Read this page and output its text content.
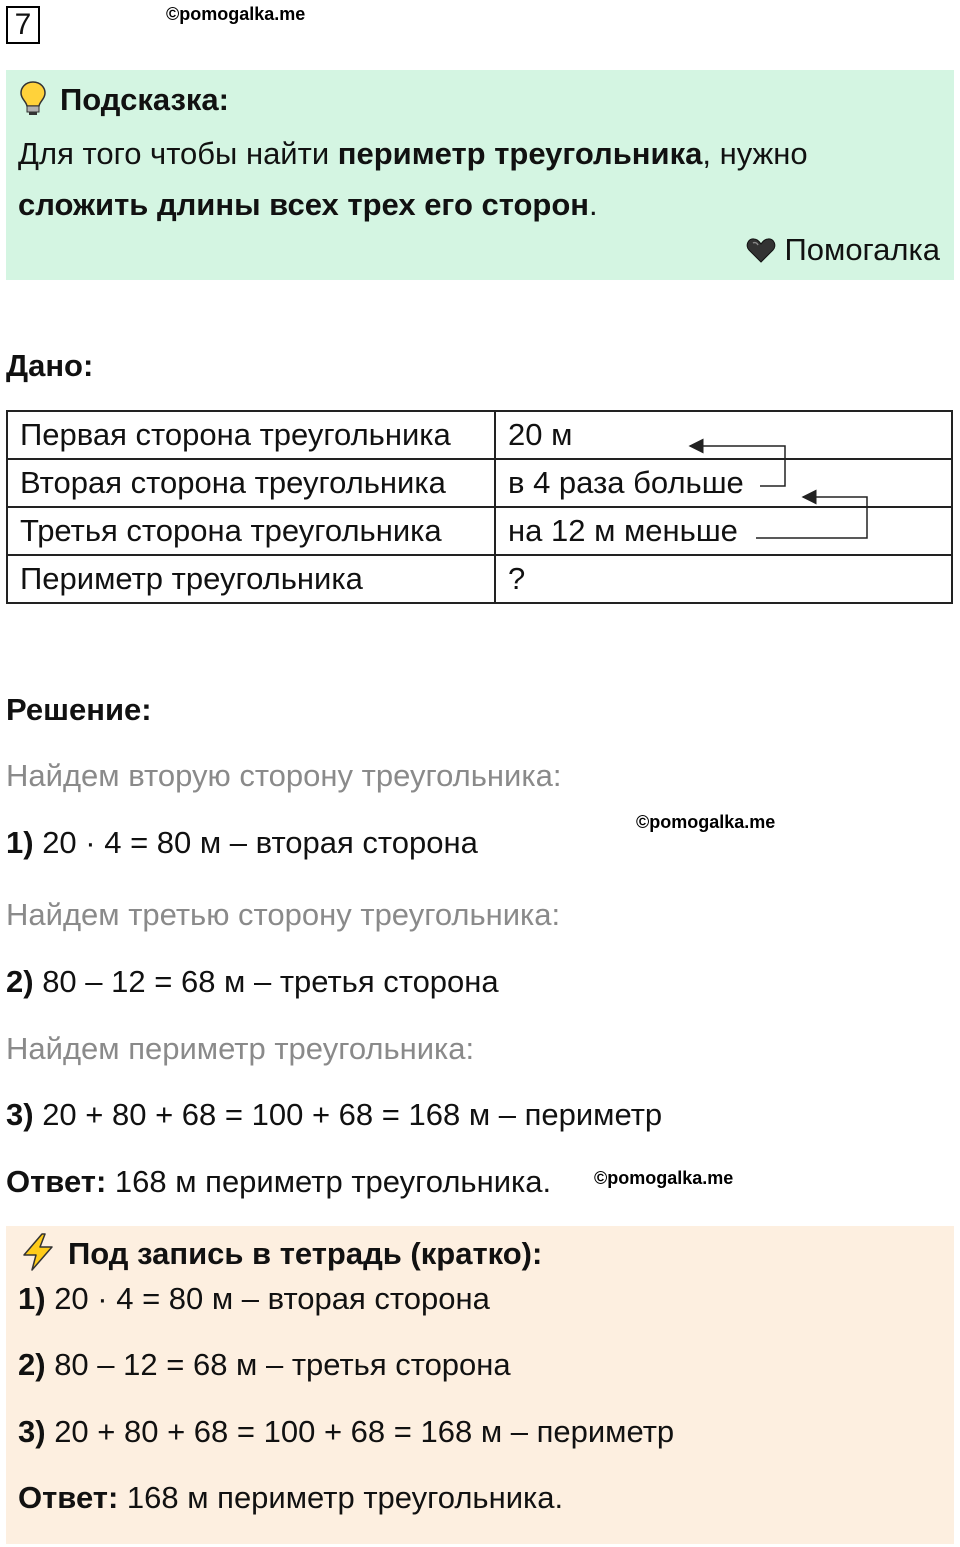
7	©pomogalka.me
Подсказка:
Для того чтобы найти периметр треугольника, нужно
сложить длины всех трех его сторон.
Помогалка
Дано:
Первая сторона треугольника	20 м
Вторая сторона треугольника	в 4 раза больше
Третья сторона треугольника	на 12 м меньше
Периметр треугольника	?
Решение:
Найдем вторую сторону треугольника:
1) 20 · 4 = 80 м – вторая сторона
©pomogalka.me
Найдем третью сторону треугольника:
2) 80 – 12 = 68 м – третья сторона
Найдем периметр треугольника:
3) 20 + 80 + 68 = 100 + 68 = 168 м – периметр
Ответ: 168 м периметр треугольника. ©pomogalka.me
Под запись в тетрадь (кратко):
1) 20 · 4 = 80 м – вторая сторона
2) 80 – 12 = 68 м – третья сторона
3) 20 + 80 + 68 = 100 + 68 = 168 м – периметр
Ответ: 168 м периметр треугольника.
